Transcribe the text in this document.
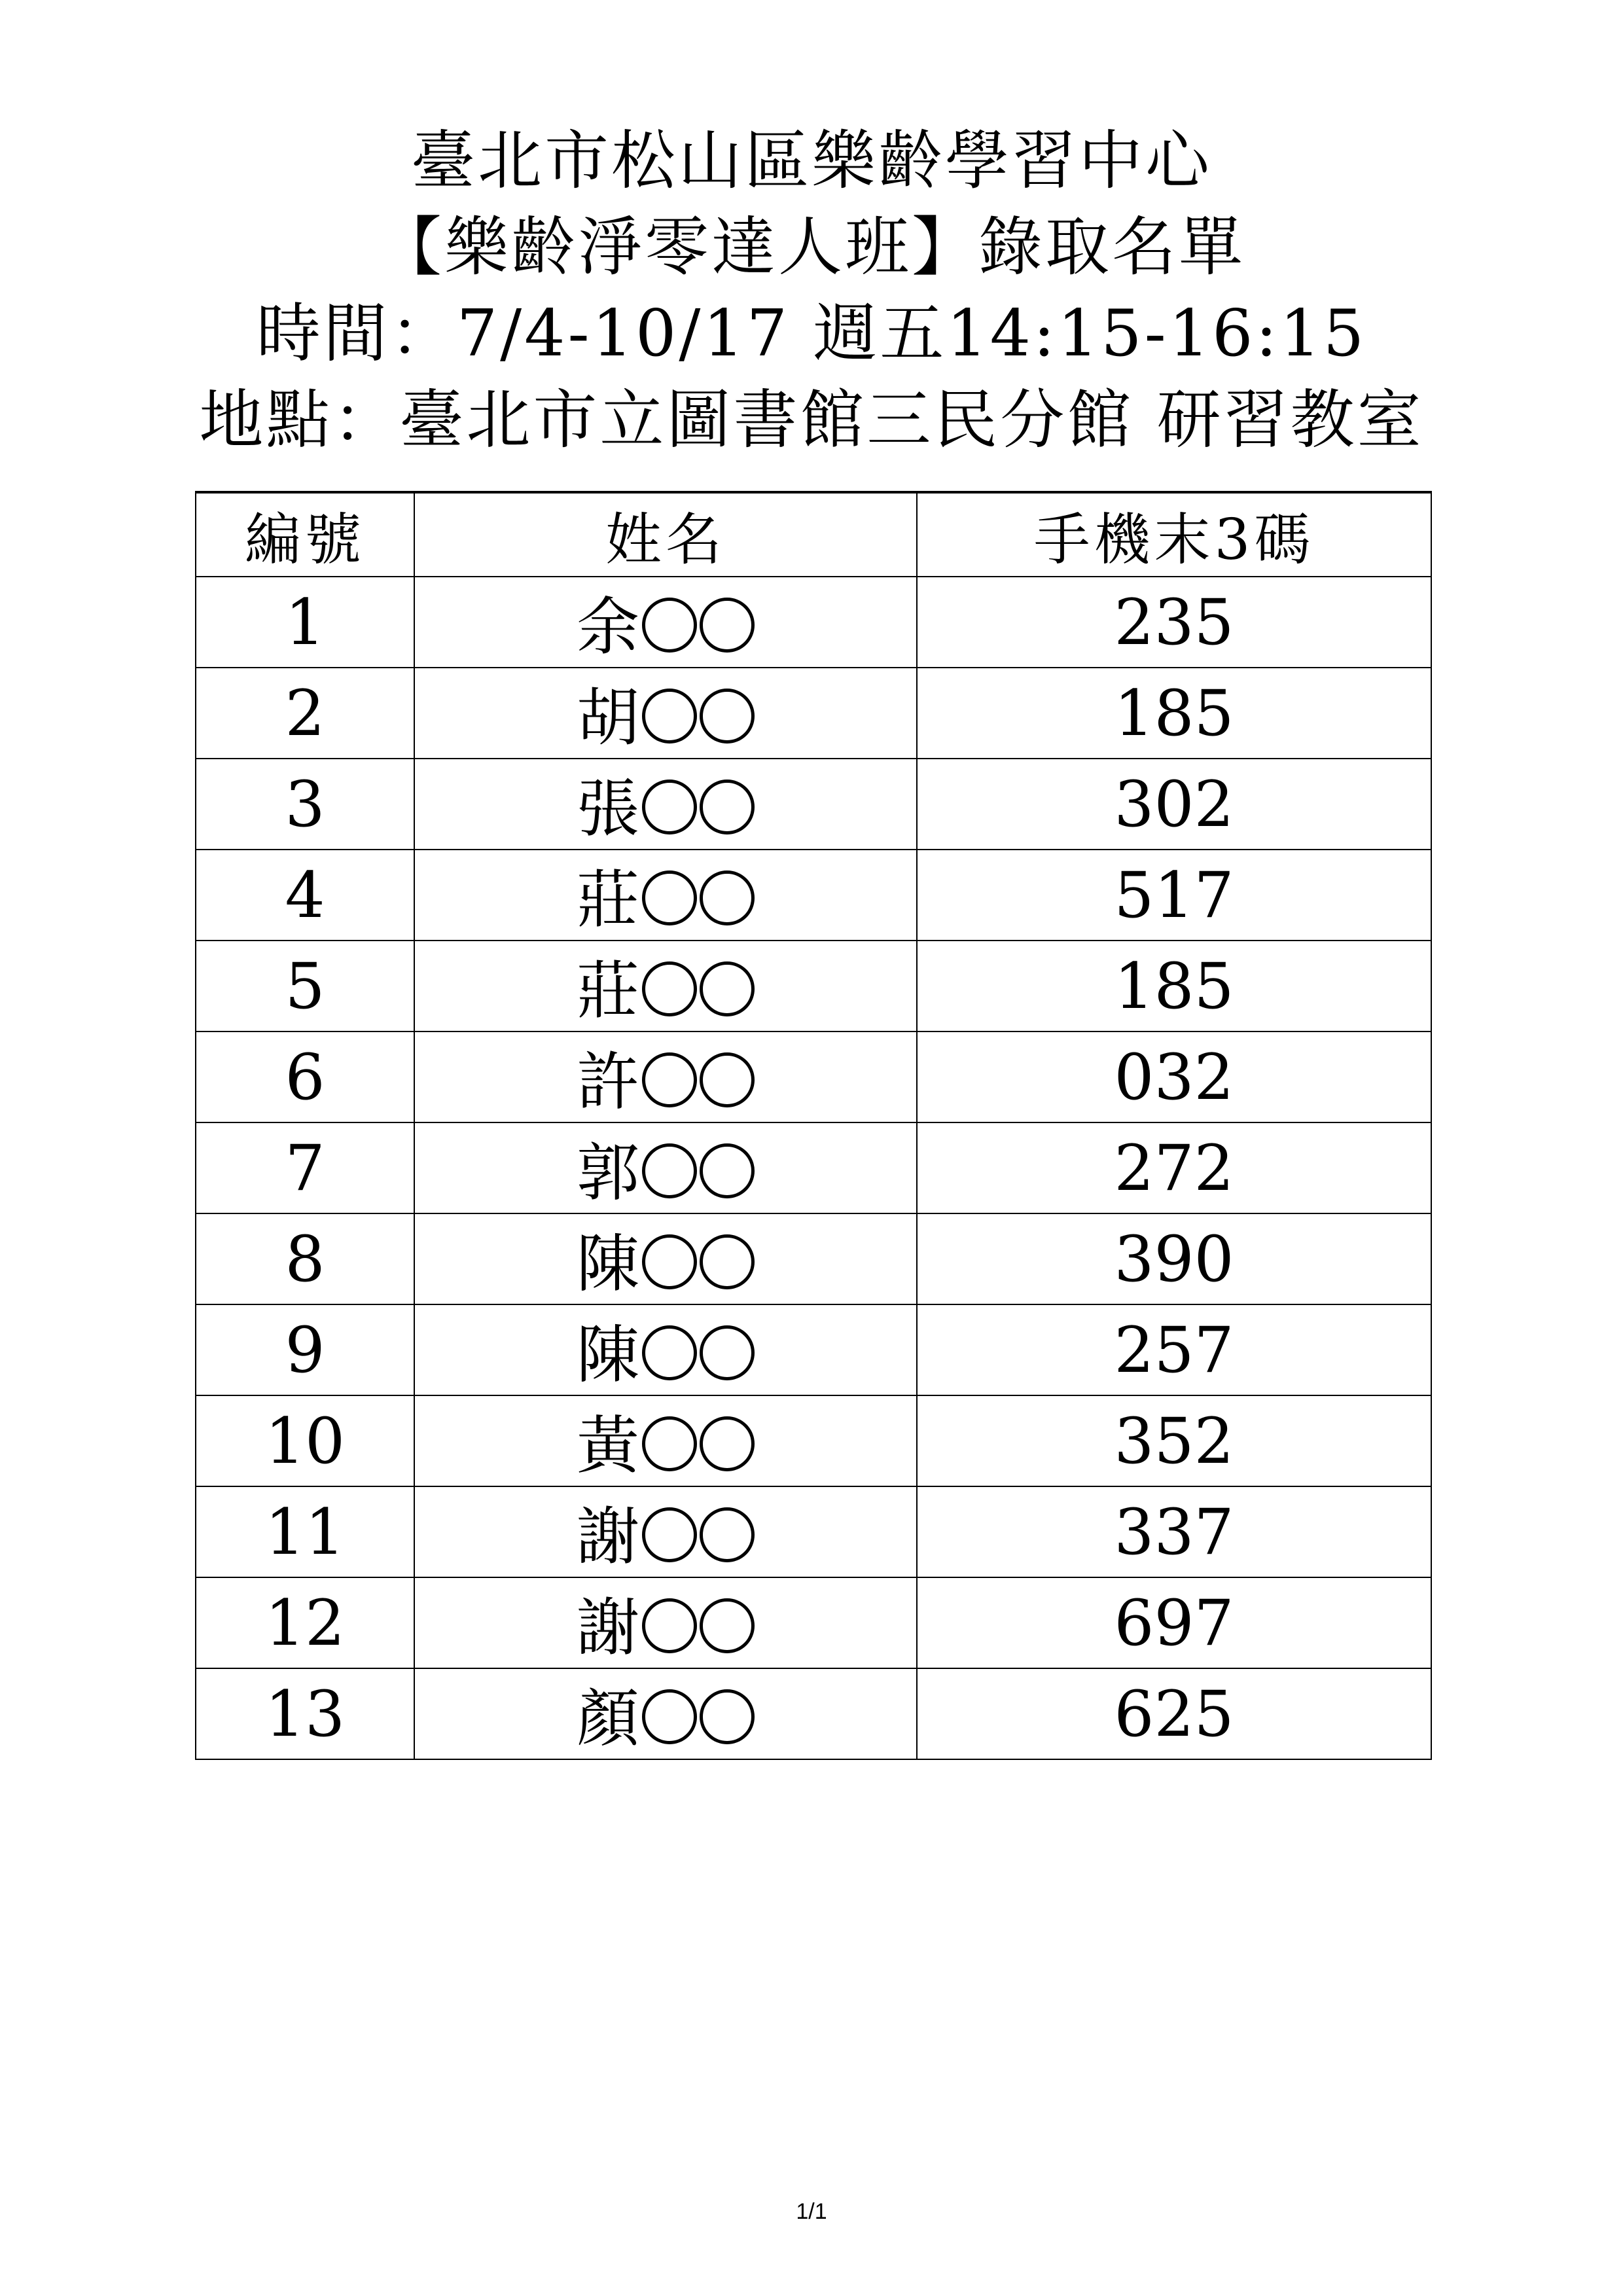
臺北市松山區樂齡學習中心
【樂齡淨零達人班】錄取名單
時間：7/4-10/17 週五14:15-16:15
地點：臺北市立圖書館三民分館 研習教室
編號	姓名	手機末3碼
1	余	235
2	胡	185
3	張	302
4	莊	517
5	莊	185
6	許	032
7	郭	272
8	陳	390
9	陳	257
10	黃	352
11	謝	337
12	謝	697
13	顏	625
1/1
